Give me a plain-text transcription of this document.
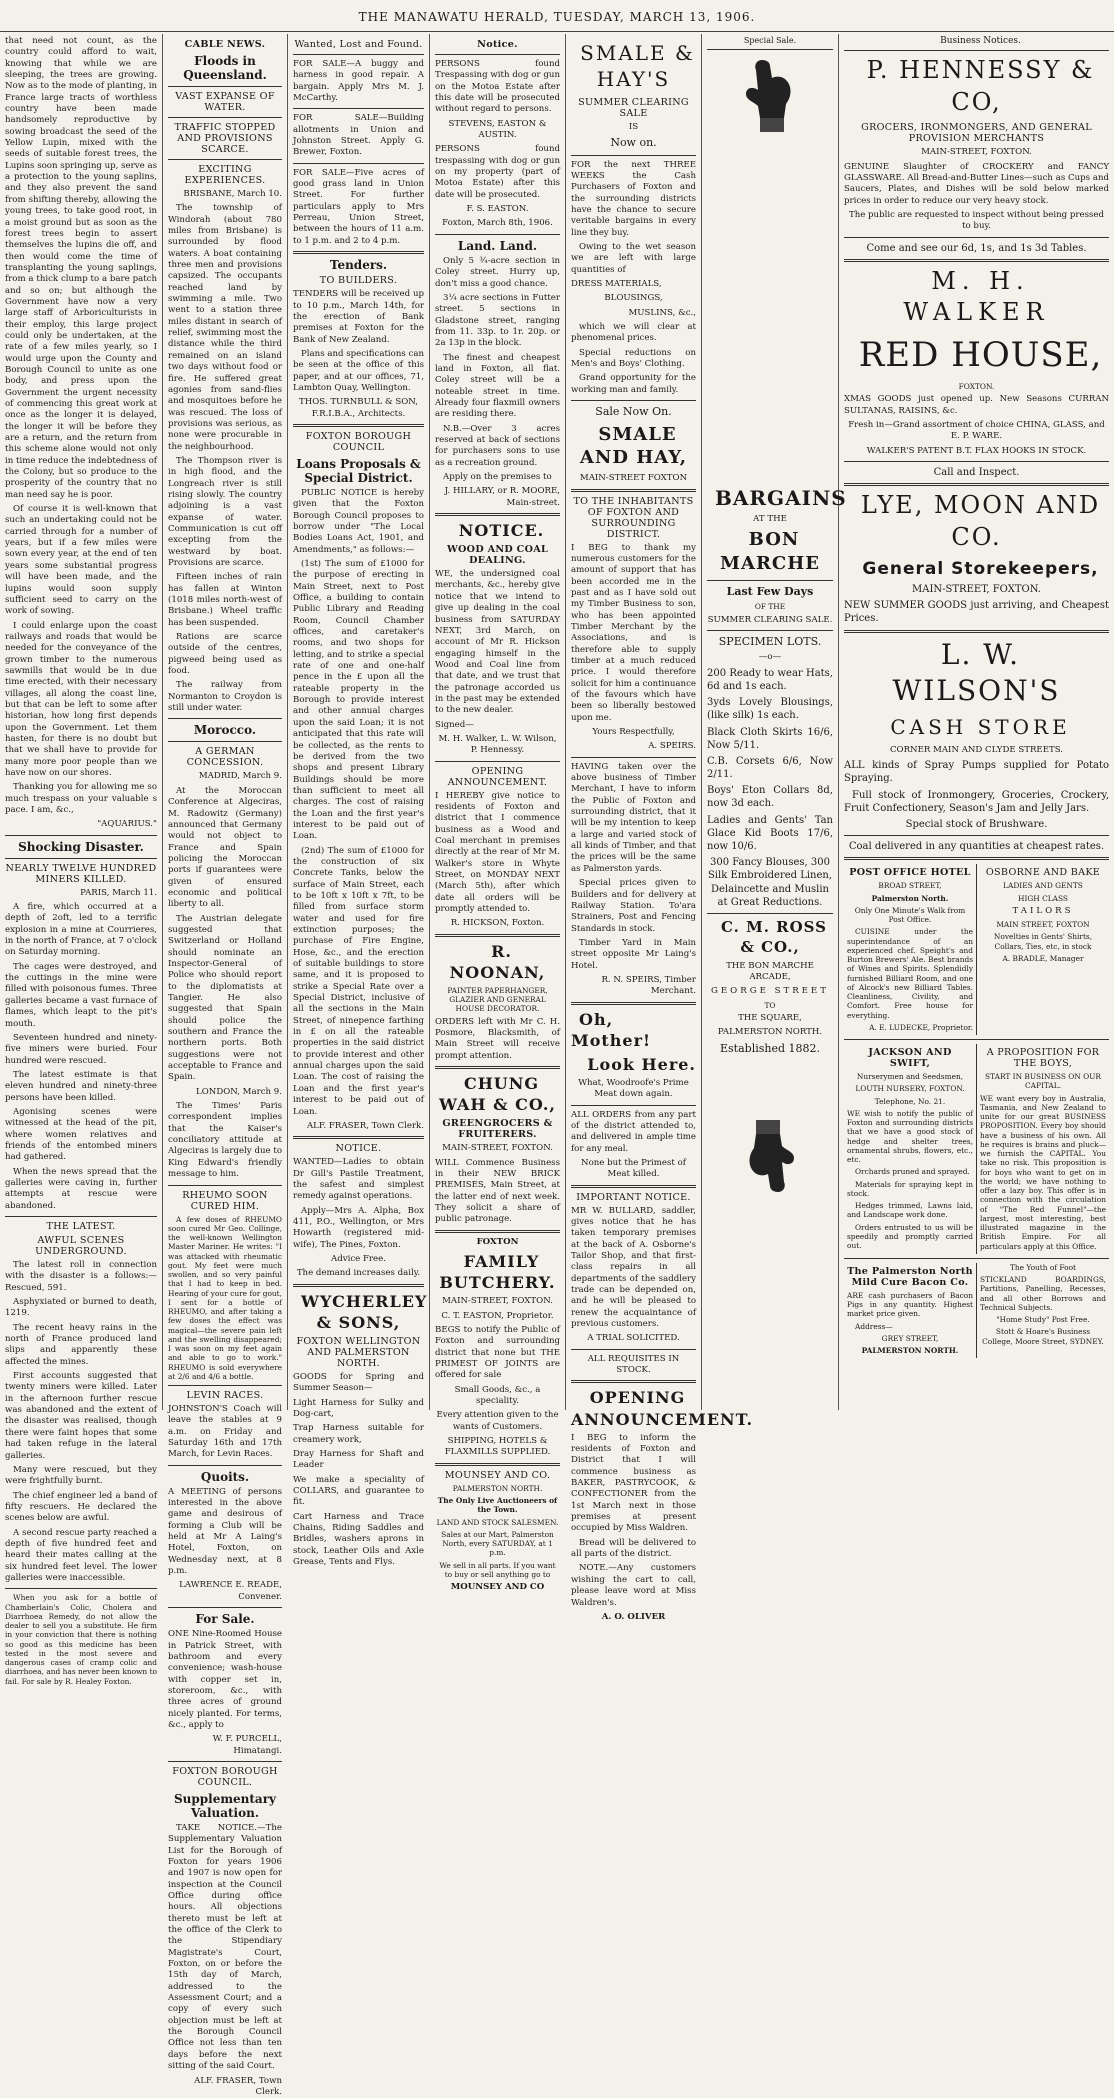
THE MANAWATU HERALD, TUESDAY, MARCH 13, 1906.

that need not count, as the country could afford to wait, knowing that while we are sleeping, the trees are growing. Now as to the mode of planting, in France large tracts of worthless country have been made handsomely reproductive by sowing broadcast the seed of the Yellow Lupin, mixed with the seeds of suitable forest trees, the Lupins soon springing up, serve as a protection to the young saplins, and they also prevent the sand from shifting thereby, allowing the young trees, to take good root, in a moist ground but as soon as the forest trees begin to assert themselves the lupins die off, and then would come the time of transplanting the young saplings, from a thick clump to a bare patch and so on; but although the Government have now a very large staff of Arboriculturists in their employ, this large project could only be undertaken, at the rate of a few miles yearly, so I would urge upon the County and Borough Council to unite as one body, and press upon the Government the urgent necessity of commencing this great work at once as the longer it is delayed, the longer it will be before they are a return, and the return from this scheme alone would not only in time reduce the indebtedness of the Colony, but so produce to the prosperity of the country that no man need say he is poor.

Of course it is well-known that such an undertaking could not be carried through for a number of years, but if a few miles were sown every year, at the end of ten years some substantial progress will have been made, and the lupins would soon supply sufficient seed to carry on the work of sowing.

I could enlarge upon the coast railways and roads that would be needed for the conveyance of the grown timber to the numerous sawmills that would be in due time erected, with their necessary villages, all along the coast line, but that can be left to some after historian, how long first depends upon the Government. Let them hasten, for there is no doubt but that we shall have to provide for many more poor people than we have now on our shores.

Thanking you for allowing me so much trespass on your valuable s pace. I am, &c.,

"AQUARIUS."

Shocking Disaster.
NEARLY TWELVE HUNDRED MINERS KILLED.

PARIS, March 11.

A fire, which occurred at a depth of 2oft, led to a terrific explosion in a mine at Courrieres, in the north of France, at 7 o'clock on Saturday morning.

The cages were destroyed, and the cuttings in the mine were filled with poisonous fumes. Three galleries became a vast furnace of flames, which leapt to the pit's mouth.

Seventeen hundred and ninety-five miners were buried. Four hundred were rescued.

The latest estimate is that eleven hundred and ninety-three persons have been killed.

Agonising scenes were witnessed at the head of the pit, where women relatives and friends of the entombed miners had gathered.

When the news spread that the galleries were caving in, further attempts at rescue were abandoned.

THE LATEST.
AWFUL SCENES UNDERGROUND.

The latest roll in connection with the disaster is a follows:— Rescued, 591.

Asphyxiated or burned to death, 1219.

The recent heavy rains in the north of France produced land slips and apparently these affected the mines.

First accounts suggested that twenty miners were killed. Later in the afternoon further rescue was abandoned and the extent of the disaster was realised, though there were faint hopes that some had taken refuge in the lateral galleries.

Many were rescued, but they were frightfully burnt.

The chief engineer led a band of fifty rescuers. He declared the scenes below are awful.

A second rescue party reached a depth of five hundred feet and heard their mates calling at the six hundred feet level. The lower galleries were inaccessible.

When you ask for a bottle of Chamberlain's Colic, Cholera and Diarrhoea Remedy, do not allow the dealer to sell you a substitute. He firm in your conviction that there is nothing so good as this medicine has been tested in the most severe and dangerous cases of cramp colic and diarrhoea, and has never been known to fail. For sale by R. Healey Foxton.

CABLE NEWS.
Floods in Queensland.
VAST EXPANSE OF WATER.
TRAFFIC STOPPED AND PROVISIONS SCARCE.
EXCITING EXPERIENCES.

BRISBANE, March 10.

The township of Windorah (about 780 miles from Brisbane) is surrounded by flood waters. A boat containing three men and provisions capsized. The occupants reached land by swimming a mile. Two went to a station three miles distant in search of relief, swimming most the distance while the third remained on an island two days without food or fire. He suffered great agonies from sand-flies and mosquitoes before he was rescued. The loss of provisions was serious, as none were procurable in the neighbourhood.

The Thompson river is in high flood, and the Longreach river is still rising slowly. The country adjoining is a vast expanse of water. Communication is cut off excepting from the westward by boat. Provisions are scarce.

Fifteen inches of rain has fallen at Winton (1018 miles north-west of Brisbane.) Wheel traffic has been suspended.

Rations are scarce outside of the centres, pigweed being used as food.

The railway from Normanton to Croydon is still under water.

Morocco.
A GERMAN CONCESSION.

MADRID, March 9.

At the Moroccan Conference at Algeciras, M. Radowitz (Germany) announced that Germany would not object to France and Spain policing the Moroccan ports if guarantees were given of ensured economic and political liberty to all.

The Austrian delegate suggested that Switzerland or Holland should nominate an Inspector-General of Police who should report to the diplomatists at Tangier. He also suggested that Spain should police the southern and France the northern ports. Both suggestions were not acceptable to France and Spain.

LONDON, March 9.

The Times' Paris correspondent implies that the Kaiser's conciliatory attitude at Algeciras is largely due to King Edward's friendly message to him.

RHEUMO SOON CURED HIM.

A few doses of RHEUMO soon cured Mr Geo. Collinge, the well-known Wellington Master Mariner. He writes: "I was attacked with rheumatic gout. My feet were much swollen, and so very painful that I had to keep in bed. Hearing of your cure for gout, I sent for a bottle of RHEUMO, and after taking a few doses the effect was magical—the severe pain left and the swelling disappeared; I was soon on my feet again and able to go to work." RHEUMO is sold everywhere at 2/6 and 4/6 a bottle.

LEVIN RACES.

JOHNSTON'S Coach will leave the stables at 9 a.m. on Friday and Saturday 16th and 17th March, for Levin Races.

Quoits.

A MEETING of persons interested in the above game and desirous of forming a Club will be held at Mr A Laing's Hotel, Foxton, on Wednesday next, at 8 p.m.

LAWRENCE E. READE, Convener.

For Sale.

ONE Nine-Roomed House in Patrick Street, with bathroom and every convenience; wash-house with copper set in, storeroom, &c., with three acres of ground nicely planted. For terms, &c., apply to

W. F. PURCELL, Himatangi.

FOXTON BOROUGH COUNCIL.
Supplementary Valuation.

TAKE NOTICE.—The Supplementary Valuation List for the Borough of Foxton for years 1906 and 1907 is now open for inspection at the Council Office during office hours. All objections thereto must be left at the office of the Clerk to the Stipendiary Magistrate's Court, Foxton, on or before the 15th day of March, addressed to the Assessment Court; and a copy of every such objection must be left at the Borough Council Office not less than ten days before the next sitting of the said Court.

ALF. FRASER, Town Clerk.

Wanted, Lost and Found.

FOR SALE—A buggy and harness in good repair. A bargain. Apply Mrs M. J. McCarthy.

FOR SALE—Building allotments in Union and Johnston Street. Apply G. Brewer, Foxton.

FOR SALE—Five acres of good grass land in Union Street. For further particulars apply to Mrs Perreau, Union Street, between the hours of 11 a.m. to 1 p.m. and 2 to 4 p.m.

Tenders.
TO BUILDERS.

TENDERS will be received up to 10 p.m., March 14th, for the erection of Bank premises at Foxton for the Bank of New Zealand.

Plans and specifications can be seen at the office of this paper, and at our offices, 71, Lambton Quay, Wellington.

THOS. TURNBULL & SON, F.R.I.B.A., Architects.

FOXTON BOROUGH COUNCIL
Loans Proposals & Special District.

PUBLIC NOTICE is hereby given that the Foxton Borough Council proposes to borrow under "The Local Bodies Loans Act, 1901, and Amendments," as follows:—

(1st) The sum of £1000 for the purpose of erecting in Main Street, next to Post Office, a building to contain Public Library and Reading Room, Council Chamber offices, and caretaker's rooms, and two shops for letting, and to strike a special rate of one and one-half pence in the £ upon all the rateable property in the Borough to provide interest and other annual charges upon the said Loan; it is not anticipated that this rate will be collected, as the rents to be derived from the two shops and present Library Buildings should be more than sufficient to meet all charges. The cost of raising the Loan and the first year's interest to be paid out of Loan.

(2nd) The sum of £1000 for the construction of six Concrete Tanks, below the surface of Main Street, each to be 10ft x 10ft x 7ft, to be filled from surface storm water and used for fire extinction purposes; the purchase of Fire Engine, Hose, &c., and the erection of suitable buildings to store same, and it is proposed to strike a Special Rate over a Special District, inclusive of all the sections in the Main Street, of ninepence farthing in £ on all the rateable properties in the said district to provide interest and other annual charges upon the said Loan. The cost of raising the Loan and the first year's interest to be paid out of Loan.

ALF. FRASER, Town Clerk.

NOTICE.

WANTED—Ladies to obtain Dr Gill's Pastile Treatment, the safest and simplest remedy against operations.

Apply—Mrs A. Alpha, Box 411, P.O., Wellington, or Mrs Howarth (registered mid-wife), The Pines, Foxton.

Advice Free.

The demand increases daily.

WYCHERLEY & SONS,

FOXTON WELLINGTON AND PALMERSTON NORTH.

GOODS for Spring and Summer Season—

Light Harness for Sulky and Dog-cart,

Trap Harness suitable for creamery work,

Dray Harness for Shaft and Leader

We make a speciality of COLLARS, and guarantee to fit.

Cart Harness and Trace Chains, Riding Saddles and Bridles, washers aprons in stock, Leather Oils and Axle Grease, Tents and Flys.

Notice.

PERSONS found Trespassing with dog or gun on the Motoa Estate after this date will be prosecuted without regard to persons.

STEVENS, EASTON & AUSTIN.

PERSONS found trespassing with dog or gun on my property (part of Motoa Estate) after this date will be prosecuted.

F. S. EASTON.

Foxton, March 8th, 1906.

Land. Land.

Only 5 ¾-acre section in Coley street. Hurry up, don't miss a good chance.

3¼ acre sections in Futter street. 5 sections in Gladstone street, ranging from 11. 33p. to 1r. 20p. or 2a 13p in the block.

The finest and cheapest land in Foxton, all flat. Coley street will be a noteable street in time. Already four flaxmill owners are residing there.

N.B.—Over 3 acres reserved at back of sections for purchasers sons to use as a recreation ground.

Apply on the premises to

J. HILLARY, or R. MOORE, Main-street.

NOTICE.

WOOD AND COAL DEALING.

WE, the undersigned coal merchants, &c., hereby give notice that we intend to give up dealing in the coal business from SATURDAY NEXT, 3rd March, on account of Mr R. Hickson engaging himself in the Wood and Coal line from that date, and we trust that the patronage accorded us in the past may be extended to the new dealer.

Signed—

M. H. Walker, L. W. Wilson, P. Hennessy.

OPENING ANNOUNCEMENT.

I HEREBY give notice to residents of Foxton and district that I commence business as a Wood and Coal merchant in premises directly at the rear of Mr M. Walker's store in Whyte Street, on MONDAY NEXT (March 5th), after which date all orders will be promptly attended to.

R. HICKSON, Foxton.

R. NOONAN,

PAINTER PAPERHANGER, GLAZIER AND GENERAL HOUSE DECORATOR.

ORDERS left with Mr C. H. Posmore, Blacksmith, of Main Street will receive prompt attention.

CHUNG WAH & CO.,

GREENGROCERS & FRUITERERS.

MAIN-STREET, FOXTON.

WILL Commence Business in their NEW BRICK PREMISES, Main Street, at the latter end of next week. They solicit a share of public patronage.

FOXTON

FAMILY BUTCHERY.

MAIN-STREET, FOXTON.

C. T. EASTON, Proprietor.

BEGS to notify the Public of Foxton and surrounding district that none but THE PRIMEST OF JOINTS are offered for sale

Small Goods, &c., a speciality.

Every attention given to the wants of Customers.

SHIPPING, HOTELS & FLAXMILLS SUPPLIED.

MOUNSEY AND CO.

PALMERSTON NORTH.

The Only Live Auctioneers of the Town.

LAND AND STOCK SALESMEN.

Sales at our Mart, Palmerston North, every SATURDAY, at 1 p.m.

We sell in all parts. If you want to buy or sell anything go to

MOUNSEY AND CO

SMALE & HAY'S

SUMMER CLEARING SALE

IS

Now on.

FOR the next THREE WEEKS the Cash Purchasers of Foxton and the surrounding districts have the chance to secure veritable bargains in every line they buy.

Owing to the wet season we are left with large quantities of

DRESS MATERIALS,

BLOUSINGS,

MUSLINS, &c.,

which we will clear at phenomenal prices.

Special reductions on Men's and Boys' Clothing.

Grand opportunity for the working man and family.

Sale Now On.

SMALE AND HAY,

MAIN-STREET FOXTON

TO THE INHABITANTS OF FOXTON AND SURROUNDING DISTRICT.

I BEG to thank my numerous customers for the amount of support that has been accorded me in the past and as I have sold out my Timber Business to son, who has been appointed Timber Merchant by the Associations, and is therefore able to supply timber at a much reduced price. I would therefore solicit for him a continuance of the favours which have been so liberally bestowed upon me.

Yours Respectfully,

A. SPEIRS.

HAVING taken over the above business of Timber Merchant, I have to inform the Public of Foxton and surrounding district, that it will be my intention to keep a large and varied stock of all kinds of Timber, and that the prices will be the same as Palmerston yards.

Special prices given to Builders and for delivery at Railway Station. To'ara Strainers, Post and Fencing Standards in stock.

Timber Yard in Main street opposite Mr Laing's Hotel.

R. N. SPEIRS, Timber Merchant.

Oh, Mother!

Look Here.

What, Woodroofe's Prime Meat down again.

ALL ORDERS from any part of the district attended to, and delivered in ample time for any meal.

None but the Primest of Meat killed.

IMPORTANT NOTICE.

MR W. BULLARD, saddler, gives notice that he has taken temporary premises at the back of A. Osborne's Tailor Shop, and that first-class repairs in all departments of the saddlery trade can be depended on, and he will be pleased to renew the acquaintance of previous customers.

A TRIAL SOLICITED.

ALL REQUISITES IN STOCK.

OPENING ANNOUNCEMENT.

I BEG to inform the residents of Foxton and District that I will commence business as BAKER, PASTRYCOOK, & CONFECTIONER from the 1st March next in those premises at present occupied by Miss Waldren.

Bread will be delivered to all parts of the district.

NOTE.—Any customers wishing the cart to call, please leave word at Miss Waldren's.

A. O. OLIVER

Special Sale.

BARGAINS

AT THE

BON MARCHE

Last Few Days

OF THE

SUMMER CLEARING SALE.

SPECIMEN LOTS.

—o—

200 Ready to wear Hats, 6d and 1s each.

3yds Lovely Blousings, (like silk) 1s each.

Black Cloth Skirts 16/6, Now 5/11.

C.B. Corsets 6/6, Now 2/11.

Boys' Eton Collars 8d, now 3d each.

Ladies and Gents' Tan Glace Kid Boots 17/6, now 10/6.

300 Fancy Blouses, 300 Silk Embroidered Linen, Delaincette and Muslin at Great Reductions.

C. M. ROSS & CO.,

THE BON MARCHE ARCADE,

GEORGE STREET

TO

THE SQUARE,

PALMERSTON NORTH.

Established 1882.

Business Notices.

P. HENNESSY & CO,

GROCERS, IRONMONGERS, AND GENERAL PROVISION MERCHANTS

MAIN-STREET, FOXTON.

GENUINE Slaughter of CROCKERY and FANCY GLASSWARE. All Bread-and-Butter Lines—such as Cups and Saucers, Plates, and Dishes will be sold below marked prices in order to reduce our very heavy stock.

The public are requested to inspect without being pressed to buy.

Come and see our 6d, 1s, and 1s 3d Tables.

M. H. WALKER

RED HOUSE,

FOXTON.

XMAS GOODS just opened up. New Seasons CURRAN SULTANAS, RAISINS, &c.

Fresh in—Grand assortment of choice CHINA, GLASS, and E. P. WARE.

WALKER'S PATENT B.T. FLAX HOOKS IN STOCK.

Call and Inspect.

LYE, MOON AND CO.

General Storekeepers,

MAIN-STREET, FOXTON.

NEW SUMMER GOODS just arriving, and Cheapest Prices.

L. W. WILSON'S

CASH STORE

CORNER MAIN AND CLYDE STREETS.

ALL kinds of Spray Pumps supplied for Potato Spraying.

Full stock of Ironmongery, Groceries, Crockery, Fruit Confectionery, Season's Jam and Jelly Jars.

Special stock of Brushware.

Coal delivered in any quantities at cheapest rates.

POST OFFICE HOTEL

BROAD STREET,

Palmerston North.

Only One Minute's Walk from Post Office.

CUISINE under the superintendance of an experienced chef. Speight's and Burton Brewers' Ale. Best brands of Wines and Spirits. Splendidly furnished Billiard Room, and one of Alcock's new Billiard Tables. Cleanliness, Civility, and Comfort. Free house for everything.

A. E. LUDECKE, Proprietor.

OSBORNE AND BAKE

LADIES AND GENTS

HIGH CLASS

TAILORS

MAIN STREET, FOXTON

Novelties in Gents' Shirts, Collars, Ties, etc, in stock

A. BRADLE, Manager

JACKSON AND SWIFT,

Nurserymen and Seedsmen,

LOUTH NURSERY, FOXTON.

Telephone, No. 21.

WE wish to notify the public of Foxton and surrounding districts that we have a good stock of hedge and shelter trees, ornamental shrubs, flowers, etc., etc.

Orchards pruned and sprayed.

Materials for spraying kept in stock.

Hedges trimmed, Lawns laid, and Landscape work done.

Orders entrusted to us will be speedily and promptly carried out.

A PROPOSITION FOR THE BOYS,

START IN BUSINESS ON OUR CAPITAL.

WE want every boy in Australia, Tasmania, and New Zealand to unite for our great BUSINESS PROPOSITION. Every boy should have a business of his own. All he requires is brains and pluck—we furnish the CAPITAL. You take no risk. This proposition is for boys who want to get on in the world; we have nothing to offer a lazy boy. This offer is in connection with the circulation of "The Red Funnel"—the largest, most interesting, best illustrated magazine in the British Empire. For all particulars apply at this Office.

The Palmerston North Mild Cure Bacon Co.

ARE cash purchasers of Bacon Pigs in any quantity. Highest market price given.

Address—

GREY STREET,

PALMERSTON NORTH.

The Youth of Foot

STICKLAND BOARDINGS, Partitions, Panelling, Recesses, and all other Borrows and Technical Subjects.

"Home Study" Post Free.

Stott & Hoare's Business College, Moore Street, SYDNEY.
